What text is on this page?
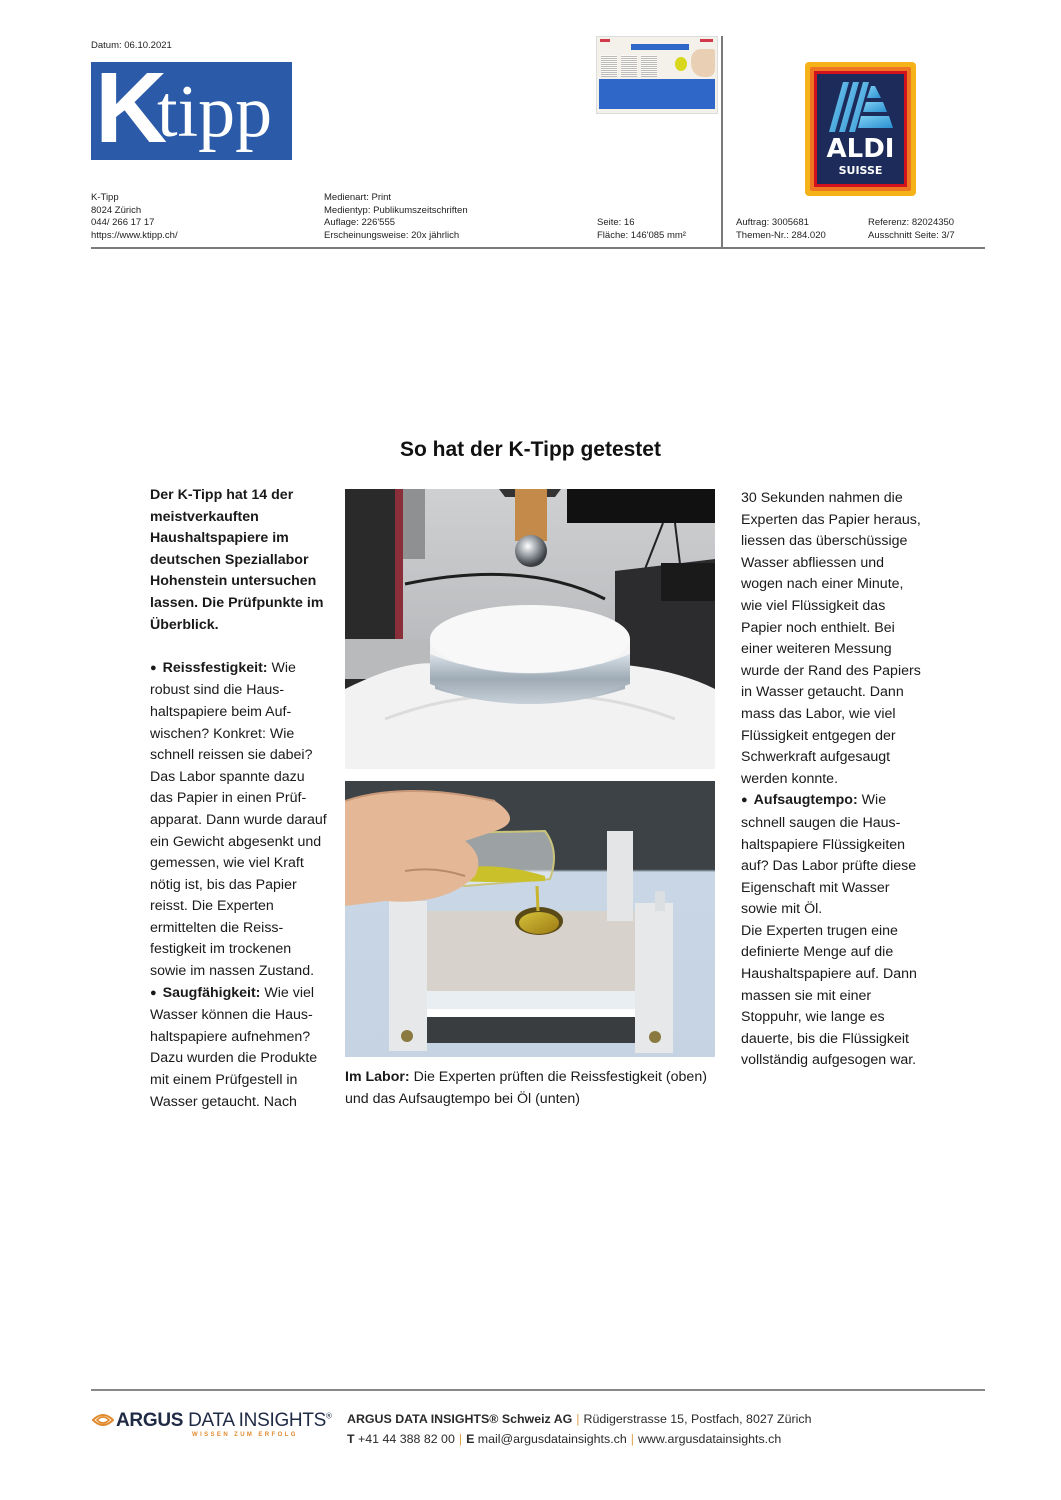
Datum: 06.10.2021
K
tipp	ALDI
SUISSE
K-Tipp
8024 Zürich
044/ 266 17 17
https://www.ktipp.ch/
Medienart: Print
Medientyp: Publikumszeitschriften
Auflage: 226'555
Erscheinungsweise: 20x jährlich
Seite: 16
Fläche: 146'085 mm²
Auftrag: 3005681
Themen-Nr.: 284.020
Referenz: 82024350
Ausschnitt Seite: 3/7
So hat der K-Tipp getestet

Der K-Tipp hat 14 der meistverkauften Haushaltspapiere im deutschen Speziallabor Hohenstein untersuchen lassen. Die Prüfpunkte im Überblick.

● Reissfestigkeit: Wie robust sind die Haushaltspapiere beim Aufwischen? Konkret: Wie schnell reissen sie dabei? Das Labor spannte dazu das Papier in einen Prüfapparat. Dann wurde darauf ein Gewicht abgesenkt und gemessen, wie viel Kraft nötig ist, bis das Papier reisst. Die Experten ermittelten die Reissfestigkeit im trockenen sowie im nassen Zustand.

● Saugfähigkeit: Wie viel Wasser können die Haushaltspapiere aufnehmen? Dazu wurden die Produkte mit einem Prüfgestell in Wasser getaucht. Nach

Im Labor: Die Experten prüften die Reissfestigkeit (oben) und das Aufsaugtempo bei Öl (unten)

30 Sekunden nahmen die Experten das Papier heraus, liessen das überschüssige Wasser abfliessen und wogen nach einer Minute, wie viel Flüssigkeit das Papier noch enthielt. Bei einer weiteren Messung wurde der Rand des Papiers in Wasser getaucht. Dann mass das Labor, wie viel Flüssigkeit entgegen der Schwerkraft aufgesaugt werden konnte.

● Aufsaugtempo: Wie schnell saugen die Haushaltspapiere Flüssigkeiten auf? Das Labor prüfte diese Eigenschaft mit Wasser sowie mit Öl.

Die Experten trugen eine definierte Menge auf die Haushaltspapiere auf. Dann massen sie mit einer Stoppuhr, wie lange es dauerte, bis die Flüssigkeit vollständig aufgesogen war.

ARGUS DATA INSIGHTS®
WISSEN ZUM ERFOLG
ARGUS DATA INSIGHTS® Schweiz AG | Rüdigerstrasse 15, Postfach, 8027 Zürich
T +41 44 388 82 00 | E mail@argusdatainsights.ch | www.argusdatainsights.ch
